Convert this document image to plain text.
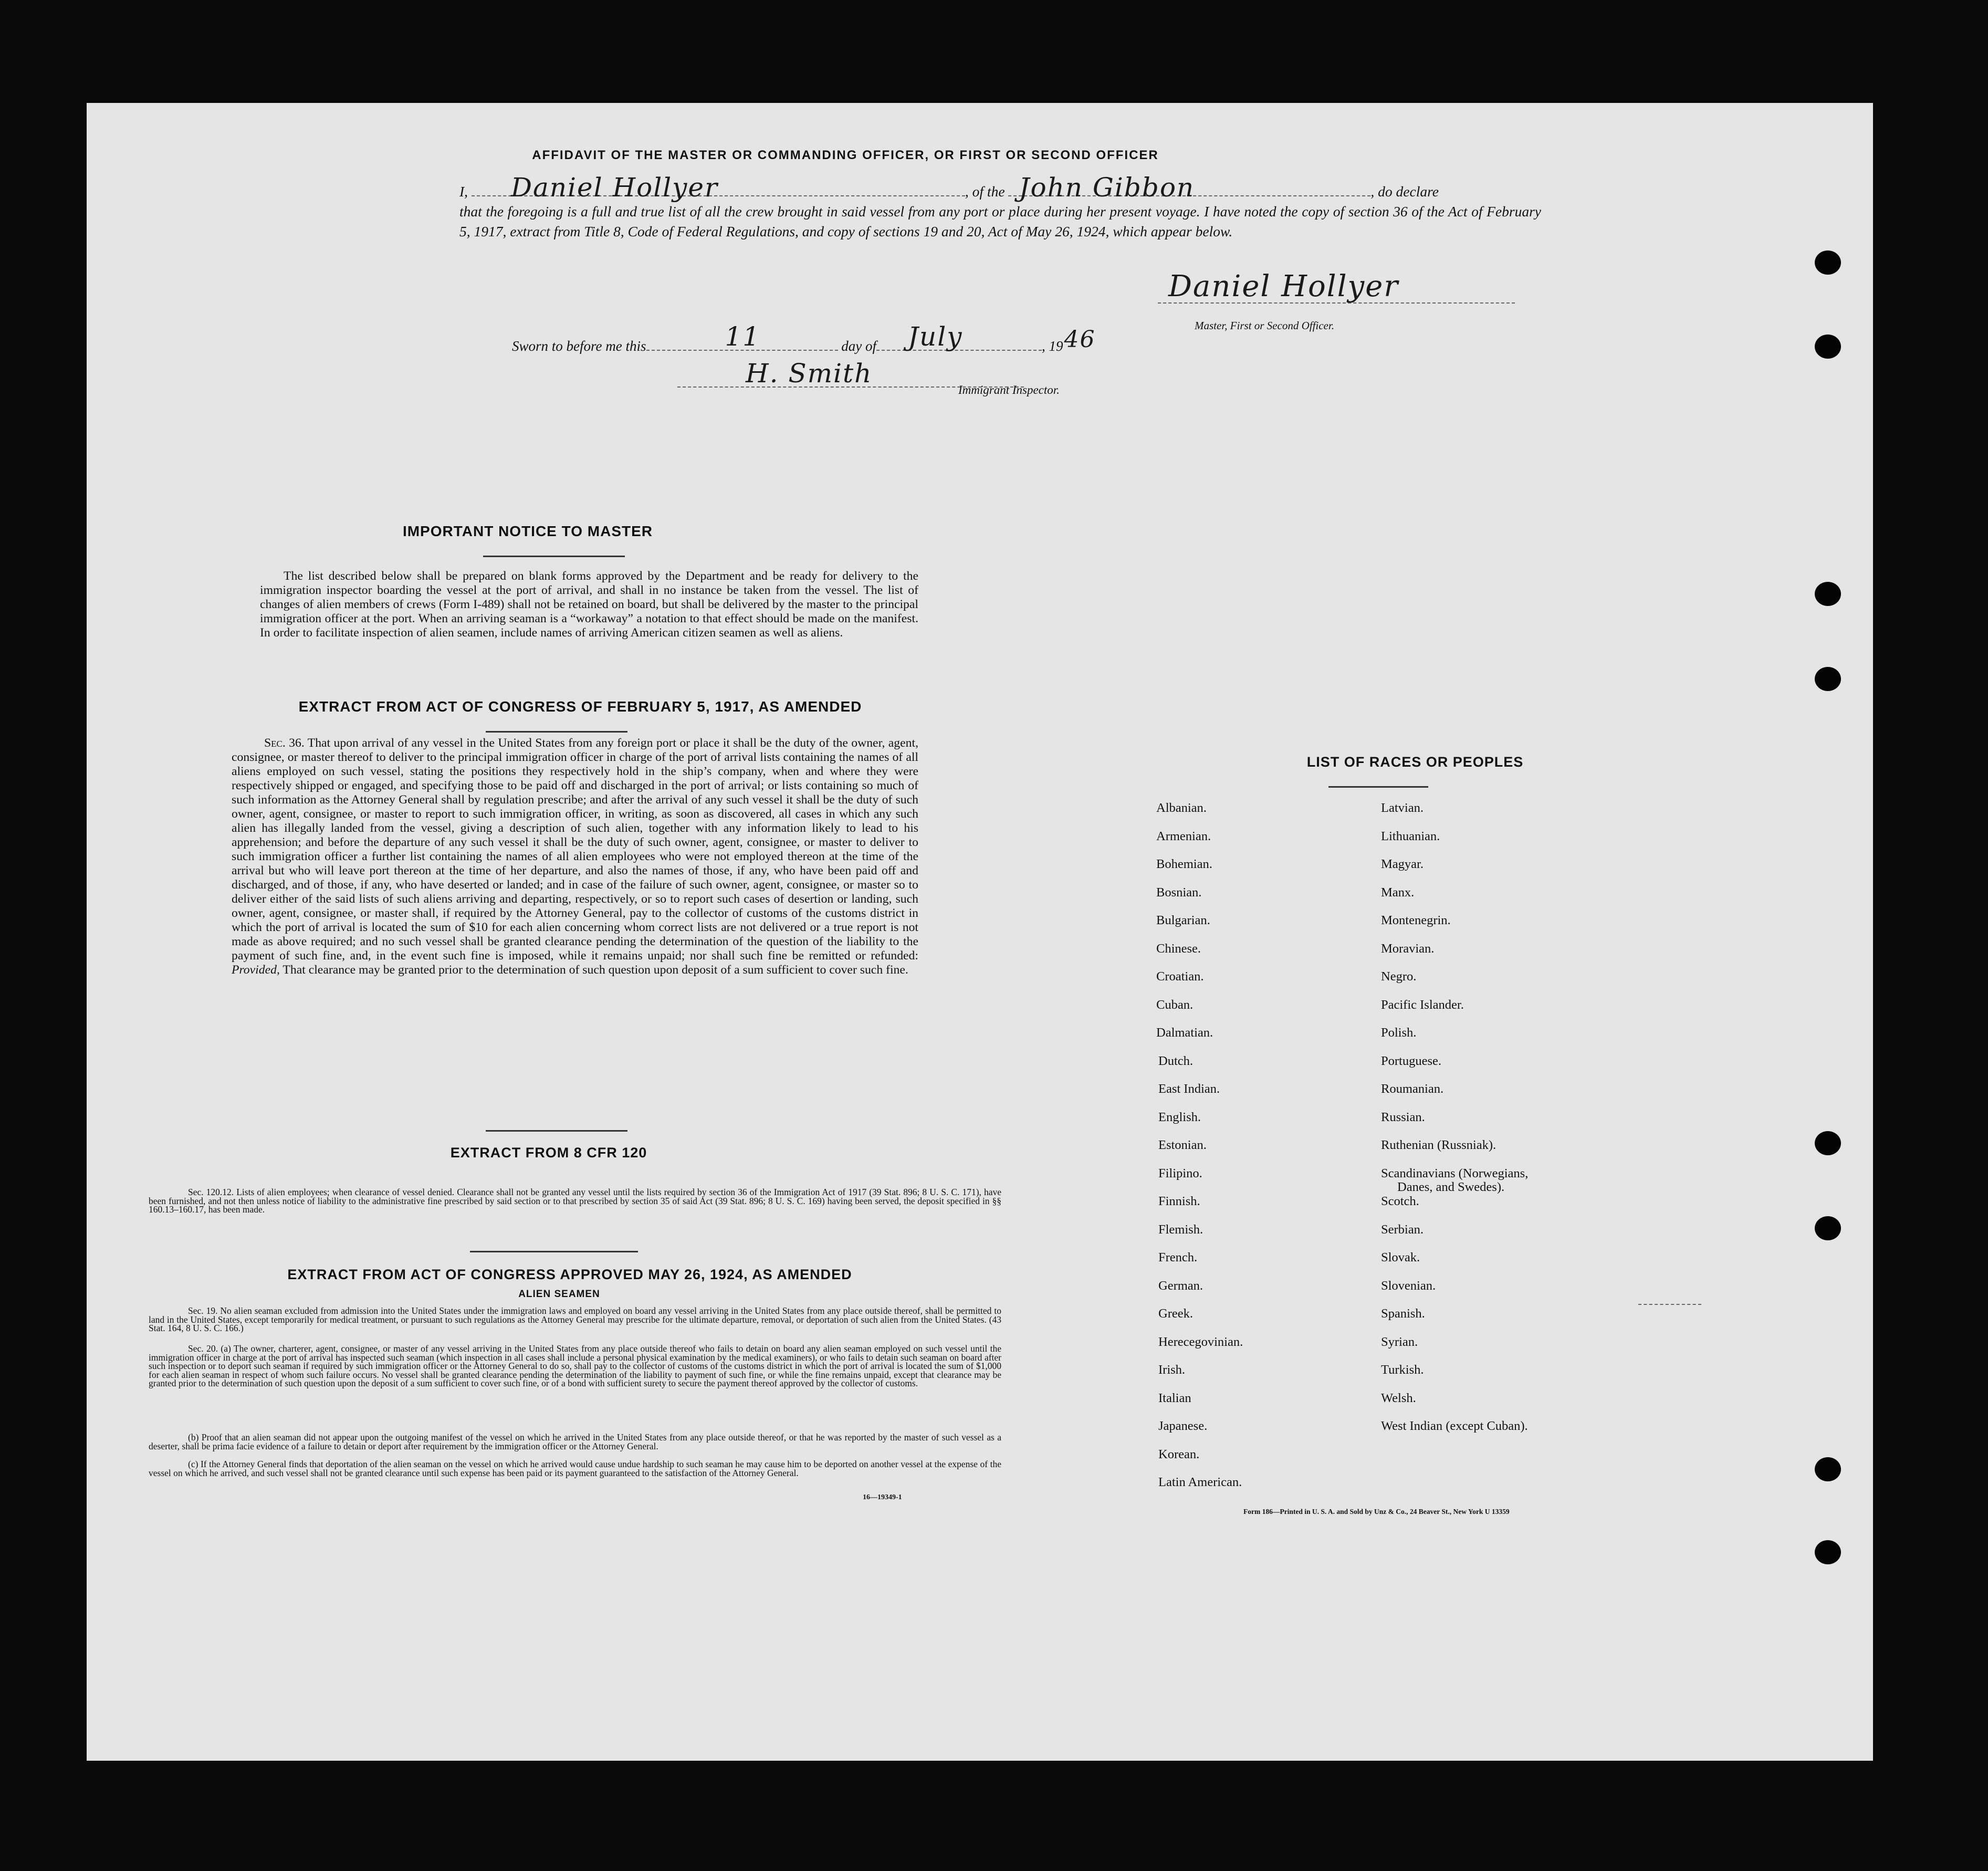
AFFIDAVIT OF THE MASTER OR COMMANDING OFFICER, OR FIRST OR SECOND OFFICER

I, Daniel Hollyer	, of the John Gibbon	, do declare
that the foregoing is a full and true list of all the crew brought in said vessel from any port or place during her present voyage. I have noted the copy of section 36 of the Act of February 5, 1917, extract from Title 8, Code of Federal Regulations, and copy of sections 19 and 20, Act of May 26, 1924, which appear below.
Daniel Hollyer

Master, First or Second Officer.

Sworn to before me this	11	day of July	, 19 46
H. Smith

Immigrant Inspector.

IMPORTANT NOTICE TO MASTER

The list described below shall be prepared on blank forms approved by the Department and be ready for delivery to the immigration inspector boarding the vessel at the port of arrival, and shall in no instance be taken from the vessel. The list of changes of alien members of crews (Form I-489) shall not be retained on board, but shall be delivered by the master to the principal immigration officer at the port. When an arriving seaman is a “workaway” a notation to that effect should be made on the manifest. In order to facilitate inspection of alien seamen, include names of arriving American citizen seamen as well as aliens.

EXTRACT FROM ACT OF CONGRESS OF FEBRUARY 5, 1917, AS AMENDED

Sec. 36. That upon arrival of any vessel in the United States from any foreign port or place it shall be the duty of the owner, agent, consignee, or master thereof to deliver to the principal immigration officer in charge of the port of arrival lists containing the names of all aliens employed on such vessel, stating the positions they respectively hold in the ship’s company, when and where they were respectively shipped or engaged, and specifying those to be paid off and discharged in the port of arrival; or lists containing so much of such information as the Attorney General shall by regulation prescribe; and after the arrival of any such vessel it shall be the duty of such owner, agent, consignee, or master to report to such immigration officer, in writing, as soon as discovered, all cases in which any such alien has illegally landed from the vessel, giving a description of such alien, together with any information likely to lead to his apprehension; and before the departure of any such vessel it shall be the duty of such owner, agent, consignee, or master to deliver to such immigration officer a further list containing the names of all alien employees who were not employed thereon at the time of the arrival but who will leave port thereon at the time of her departure, and also the names of those, if any, who have been paid off and discharged, and of those, if any, who have deserted or landed; and in case of the failure of such owner, agent, consignee, or master so to deliver either of the said lists of such aliens arriving and departing, respectively, or so to report such cases of desertion or landing, such owner, agent, consignee, or master shall, if required by the Attorney General, pay to the collector of customs of the customs district in which the port of arrival is located the sum of $10 for each alien concerning whom correct lists are not delivered or a true report is not made as above required; and no such vessel shall be granted clearance pending the determination of the question of the liability to the payment of such fine, and, in the event such fine is imposed, while it remains unpaid; nor shall such fine be remitted or refunded: Provided, That clearance may be granted prior to the determination of such question upon deposit of a sum sufficient to cover such fine.

EXTRACT FROM 8 CFR 120

Sec. 120.12. Lists of alien employees; when clearance of vessel denied. Clearance shall not be granted any vessel until the lists required by section 36 of the Immigration Act of 1917 (39 Stat. 896; 8 U. S. C. 171), have been furnished, and not then unless notice of liability to the administrative fine prescribed by said section or to that prescribed by section 35 of said Act (39 Stat. 896; 8 U. S. C. 169) having been served, the deposit specified in §§ 160.13–160.17, has been made.

EXTRACT FROM ACT OF CONGRESS APPROVED MAY 26, 1924, AS AMENDED

ALIEN SEAMEN

Sec. 19. No alien seaman excluded from admission into the United States under the immigration laws and employed on board any vessel arriving in the United States from any place outside thereof, shall be permitted to land in the United States, except temporarily for medical treatment, or pursuant to such regulations as the Attorney General may prescribe for the ultimate departure, removal, or deportation of such alien from the United States. (43 Stat. 164, 8 U. S. C. 166.)

Sec. 20. (a) The owner, charterer, agent, consignee, or master of any vessel arriving in the United States from any place outside thereof who fails to detain on board any alien seaman employed on such vessel until the immigration officer in charge at the port of arrival has inspected such seaman (which inspection in all cases shall include a personal physical examination by the medical examiners), or who fails to detain such seaman on board after such inspection or to deport such seaman if required by such immigration officer or the Attorney General to do so, shall pay to the collector of customs of the customs district in which the port of arrival is located the sum of $1,000 for each alien seaman in respect of whom such failure occurs. No vessel shall be granted clearance pending the determination of the liability to payment of such fine, or while the fine remains unpaid, except that clearance may be granted prior to the determination of such question upon the deposit of a sum sufficient to cover such fine, or of a bond with sufficient surety to secure the payment thereof approved by the collector of customs.

(b) Proof that an alien seaman did not appear upon the outgoing manifest of the vessel on which he arrived in the United States from any place outside thereof, or that he was reported by the master of such vessel as a deserter, shall be prima facie evidence of a failure to detain or deport after requirement by the immigration officer or the Attorney General.

(c) If the Attorney General finds that deportation of the alien seaman on the vessel on which he arrived would cause undue hardship to such seaman he may cause him to be deported on another vessel at the expense of the vessel on which he arrived, and such vessel shall not be granted clearance until such expense has been paid or its payment guaranteed to the satisfaction of the Attorney General.

16—19349-1

LIST OF RACES OR PEOPLES

Albanian.
Armenian.
Bohemian.
Bosnian.
Bulgarian.
Chinese.
Croatian.
Cuban.
Dalmatian.
Dutch.
East Indian.
English.
Estonian.
Filipino.
Finnish.
Flemish.
French.
German.
Greek.
Herecegovinian.
Irish.
Italian
Japanese.
Korean.
Latin American.
Latvian.
Lithuanian.
Magyar.
Manx.
Montenegrin.
Moravian.
Negro.
Pacific Islander.
Polish.
Portuguese.
Roumanian.
Russian.
Ruthenian (Russniak).
Scandinavians (Norwegians,
Danes, and Swedes).
Scotch.
Serbian.
Slovak.
Slovenian.
Spanish.
Syrian.
Turkish.
Welsh.
West Indian (except Cuban).

Form 186—Printed in U. S. A. and Sold by Unz & Co., 24 Beaver St., New York U 13359
